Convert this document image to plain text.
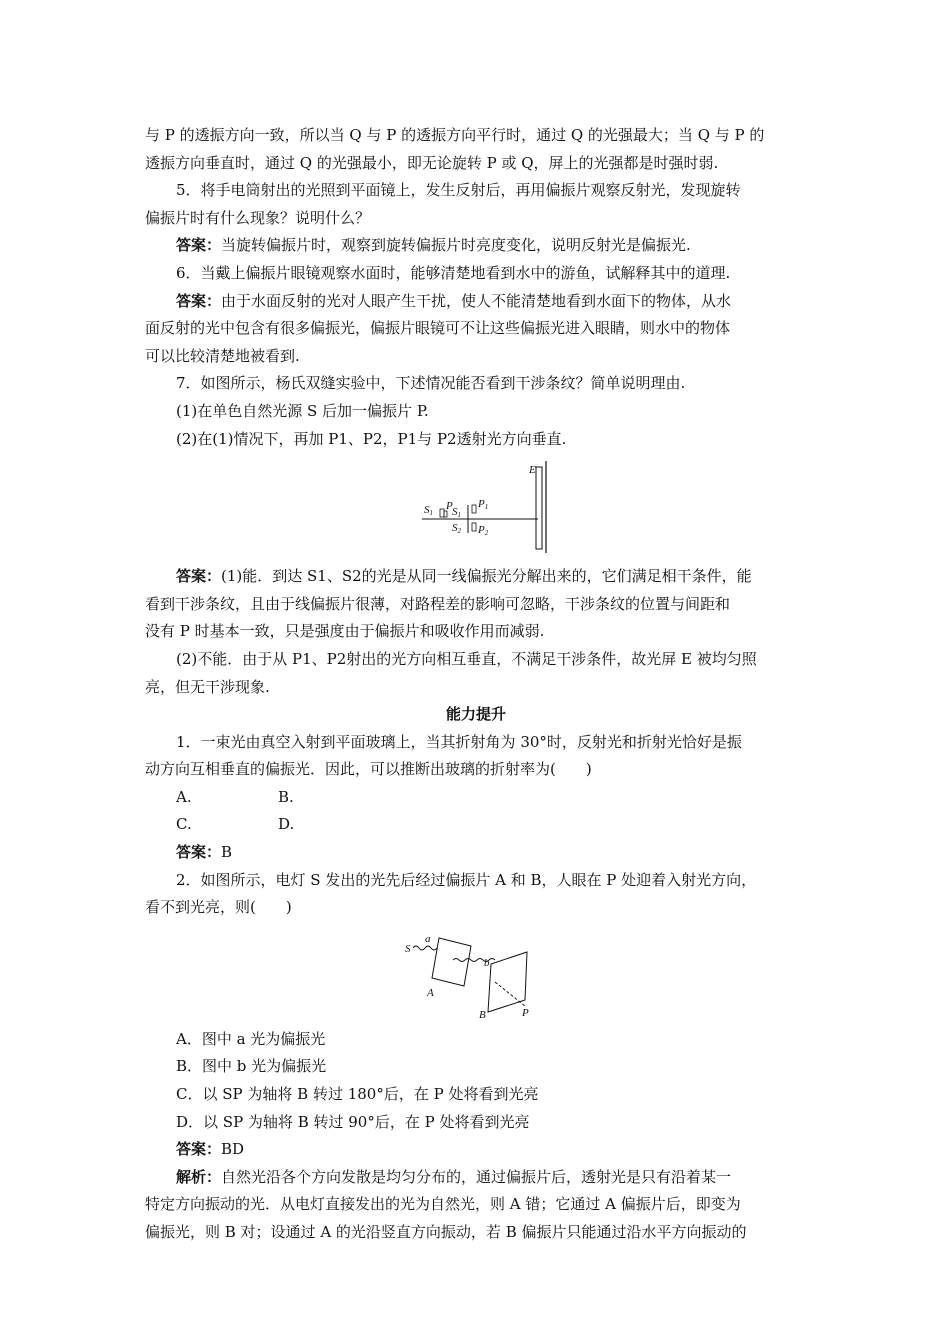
与 P 的透振方向一致，所以当 Q 与 P 的透振方向平行时，通过 Q 的光强最大；当 Q 与 P 的
透振方向垂直时，通过 Q 的光强最小，即无论旋转 P 或 Q，屏上的光强都是时强时弱.
5．将手电筒射出的光照到平面镜上，发生反射后，再用偏振片观察反射光，发现旋转
偏振片时有什么现象？说明什么？
答案：当旋转偏振片时，观察到旋转偏振片时亮度变化，说明反射光是偏振光.
6．当戴上偏振片眼镜观察水面时，能够清楚地看到水中的游鱼，试解释其中的道理.
答案：由于水面反射的光对人眼产生干扰，使人不能清楚地看到水面下的物体，从水
面反射的光中包含有很多偏振光，偏振片眼镜可不让这些偏振光进入眼睛，则水中的物体
可以比较清楚地被看到.
7．如图所示，杨氏双缝实验中，下述情况能否看到干涉条纹？简单说明理由.
(1)在单色自然光源 S 后加一偏振片 P.
(2)在(1)情况下，再加 P1、P2，P1与 P2透射光方向垂直.
S1
P S1
S2
P1
P2
E
答案：(1)能．到达 S1、S2的光是从同一线偏振光分解出来的，它们满足相干条件，能
看到干涉条纹，且由于线偏振片很薄，对路程差的影响可忽略，干涉条纹的位置与间距和
没有 P 时基本一致，只是强度由于偏振片和吸收作用而减弱.
(2)不能．由于从 P1、P2射出的光方向相互垂直，不满足干涉条件，故光屏 E 被均匀照
亮，但无干涉现象.
能力提升
1．一束光由真空入射到平面玻璃上，当其折射角为 30°时，反射光和折射光恰好是振
动方向互相垂直的偏振光．因此，可以推断出玻璃的折射率为(　　)
A.	B.
C.	D.
答案：B
2．如图所示，电灯 S 发出的光先后经过偏振片 A 和 B，人眼在 P 处迎着入射光方向，
看不到光亮，则(　　)
S
a
b
A
B	P
A．图中 a 光为偏振光
B．图中 b 光为偏振光
C．以 SP 为轴将 B 转过 180°后，在 P 处将看到光亮
D．以 SP 为轴将 B 转过 90°后，在 P 处将看到光亮
答案：BD
解析：自然光沿各个方向发散是均匀分布的，通过偏振片后，透射光是只有沿着某一
特定方向振动的光．从电灯直接发出的光为自然光，则 A 错；它通过 A 偏振片后，即变为
偏振光，则 B 对；设通过 A 的光沿竖直方向振动，若 B 偏振片只能通过沿水平方向振动的
